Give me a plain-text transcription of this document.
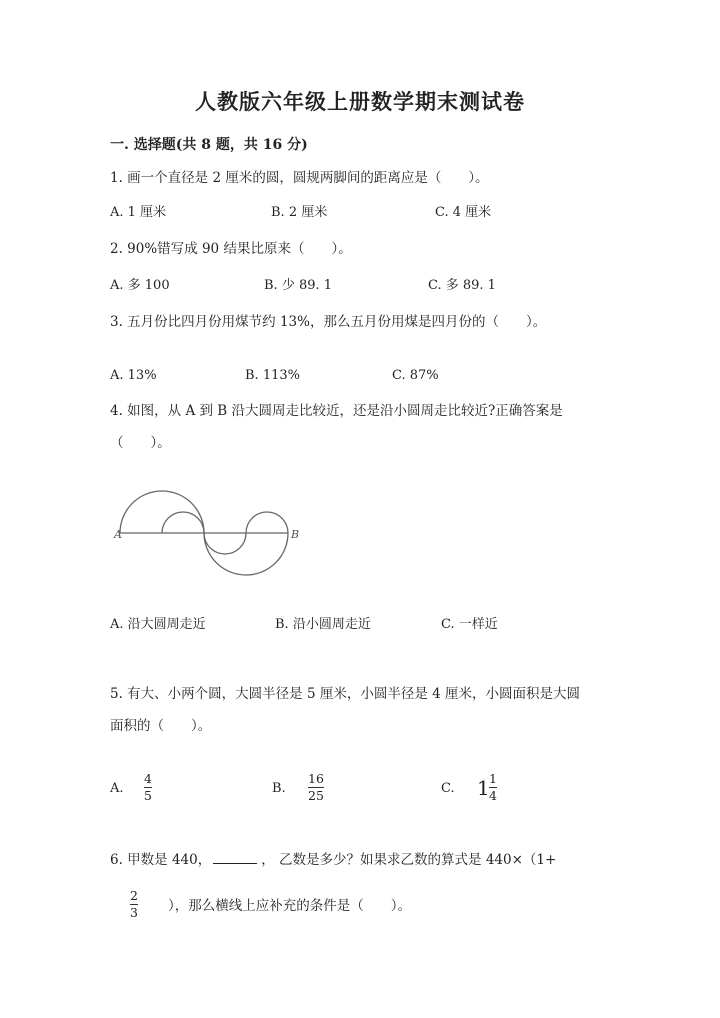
人教版六年级上册数学期末测试卷
一. 选择题(共 8 题，共 16 分)
1. 画一个直径是 2 厘米的圆，圆规两脚间的距离应是（　　）。
A. 1 厘米	B. 2 厘米	C. 4 厘米
2. 90%错写成 90 结果比原来（　　）。
A. 多 100	B. 少 89. 1	C. 多 89. 1
3. 五月份比四月份用煤节约 13%，那么五月份用煤是四月份的（　　）。
A. 13%	B. 113%	C. 87%
4. 如图，从 A 到 B 沿大圆周走比较近，还是沿小圆周走比较近?正确答案是
（　　）。
A	B
A. 沿大圆周走近	B. 沿小圆周走近	C. 一样近
5. 有大、小两个圆，大圆半径是 5 厘米，小圆半径是 4 厘米，小圆面积是大圆
面积的（　　）。
A.
4
5	B.
16
25	C. 1 1
4
6. 甲数是 440，	， 乙数是多少？如果求乙数的算式是 440×（1+
2
3 ），那么横线上应补充的条件是（　　）。
